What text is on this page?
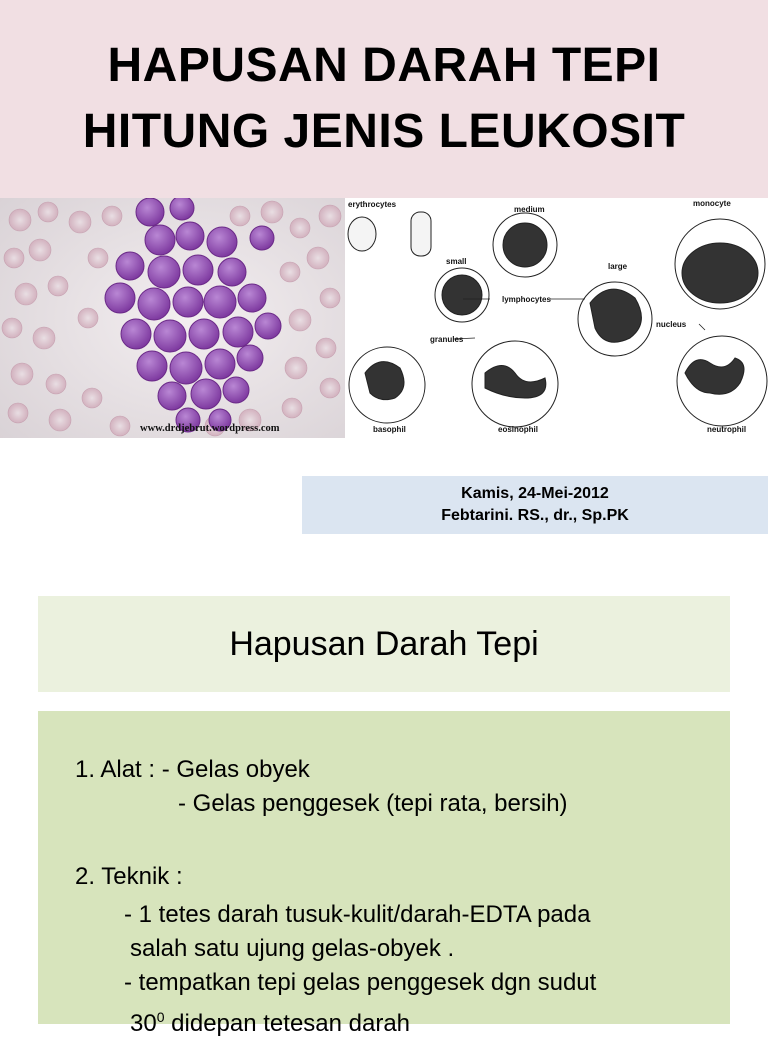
HAPUSAN DARAH TEPI
HITUNG JENIS LEUKOSIT
www.drdjebrut.wordpress.com
erythrocytes
medium
monocyte
small
large
lymphocytes
nucleus
granules
basophil	eosinophil	neutrophil
Kamis, 24-Mei-2012
Febtarini. RS., dr., Sp.PK
Hapusan Darah Tepi
1. Alat : - Gelas obyek
- Gelas penggesek (tepi rata, bersih)
2. Teknik :
- 1 tetes darah tusuk-kulit/darah-EDTA pada
salah satu ujung gelas-obyek .
- tempatkan tepi gelas penggesek dgn sudut
$30^0$ didepan tetesan darah
